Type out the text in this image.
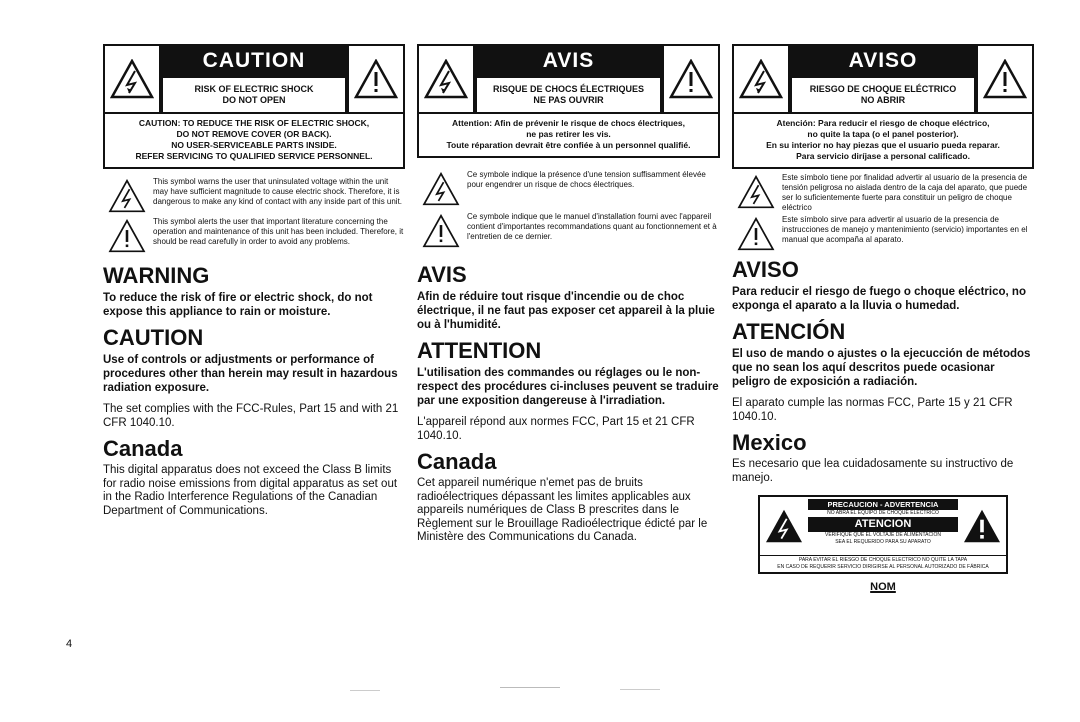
CAUTION
RISK OF ELECTRIC SHOCK
DO NOT OPEN
CAUTION: TO REDUCE THE RISK OF ELECTRIC SHOCK,
DO NOT REMOVE COVER (OR BACK).
NO USER-SERVICEABLE PARTS INSIDE.
REFER SERVICING TO QUALIFIED SERVICE PERSONNEL.
This symbol warns the user that uninsulated voltage within the unit may have sufficient magnitude to cause electric shock. Therefore, it is dangerous to make any kind of contact with any inside part of this unit.
This symbol alerts the user that important literature concerning the operation and maintenance of this unit has been included. Therefore, it should be read carefully in order to avoid any problems.
WARNING
To reduce the risk of fire or electric shock, do not expose this appliance to rain or moisture.
CAUTION
Use of controls or adjustments or performance of procedures other than herein may result in hazardous radiation exposure.
The set complies with the FCC-Rules, Part 15 and with 21 CFR 1040.10.
Canada
This digital apparatus does not exceed the Class B limits for radio noise emissions from digital apparatus as set out in the Radio Interference Regulations of the Canadian Department of Communications.
AVIS
RISQUE DE CHOCS ÉLECTRIQUES
NE PAS OUVRIR
Attention: Afin de prévenir le risque de chocs électriques,
ne pas retirer les vis.
Toute réparation devrait être confiée à un personnel qualifié.
Ce symbole indique la présence d'une tension suffisamment élevée pour engendrer un risque de chocs électriques.
Ce symbole indique que le manuel d'installation fourni avec l'appareil contient d'importantes recommandations quant au fonctionnement et à l'entretien de ce dernier.
AVIS
Afin de réduire tout risque d'incendie ou de choc électrique, il ne faut pas exposer cet appareil à la pluie ou à l'humidité.
ATTENTION
L'utilisation des commandes ou réglages ou le non-respect des procédures ci-incluses peuvent se traduire par une exposition dangereuse à l'irradiation.
L'appareil répond aux normes FCC, Part 15 et 21 CFR 1040.10.
Canada
Cet appareil numérique n'emet pas de bruits radioélectriques dépassant les limites applicables aux appareils numériques de Class B prescrites dans le Règlement sur le Brouillage Radioélectrique édicté par le Ministère des Communications du Canada.
AVISO
RIESGO DE CHOQUE ELÉCTRICO
NO ABRIR
Atención: Para reducir el riesgo de choque eléctrico,
no quite la tapa (o el panel posterior).
En su interior no hay piezas que el usuario pueda reparar.
Para servicio diríjase a personal calificado.
Este símbolo tiene por finalidad advertir al usuario de la presencia de tensión peligrosa no aislada dentro de la caja del aparato, que puede ser lo suficientemente fuerte para constituir un peligro de choque eléctrico
Este símbolo sirve para advertir al usuario de la presencia de instrucciones de manejo y mantenimiento (servicio) importantes en el manual que acompaña al aparato.
AVISO
Para reducir el riesgo de fuego o choque eléctrico, no exponga el aparato a la lluvia o humedad.
ATENCIÓN
El uso de mando o ajustes o la ejecucción de métodos que no sean los aquí descritos puede ocasionar peligro de exposición a radiación.
El aparato cumple las normas FCC, Parte 15 y 21 CFR 1040.10.
Mexico
Es necesario que lea cuidadosamente su instructivo de manejo.
PRECAUCION - ADVERTENCIA
NO ABRA EL EQUIPO DE CHOQUE ELECTRICO
ATENCION
VERIFIQUE QUE EL VOLTAJE DE ALIMENTACION
SEA EL REQUERIDO PARA SU APARATO
PARA EVITAR EL RIESGO DE CHOQUE ELECTRICO NO QUITE LA TAPA
EN CASO DE REQUERIR SERVICIO DIRIGIRSE AL PERSONAL AUTORIZADO DE FÁBRICA
NOM
4
